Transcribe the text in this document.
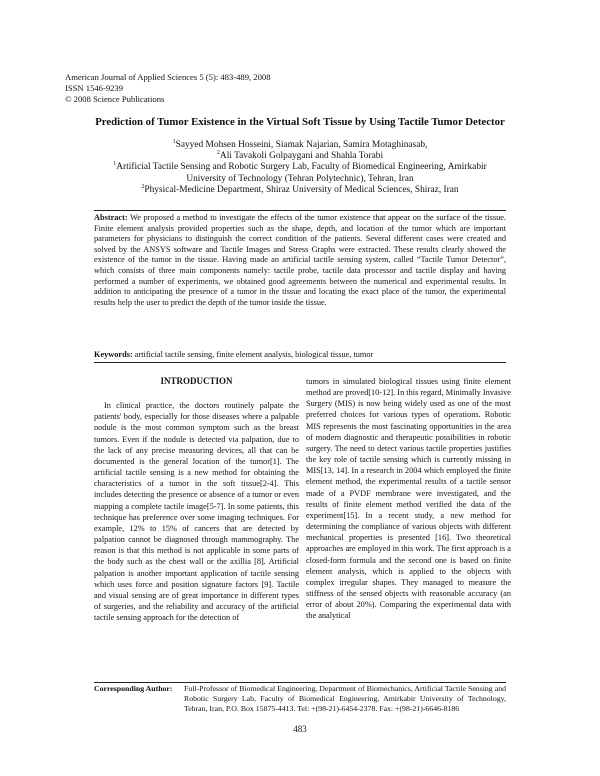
American Journal of Applied Sciences 5 (5): 483-489, 2008
ISSN 1546-9239
© 2008 Science Publications
Prediction of Tumor Existence in the Virtual Soft Tissue by Using Tactile Tumor Detector
$^1$Sayyed Mohsen Hosseini, Siamak Najarian, Samira Motaghinasab,
$^2$Ali Tavakoli Golpaygani and Shahla Torabi
$^1$Artificial Tactile Sensing and Robotic Surgery Lab, Faculty of Biomedical Engineering, Amirkabir
University of Technology (Tehran Polytechnic), Tehran, Iran
$^2$Physical-Medicine Department, Shiraz University of Medical Sciences, Shiraz, Iran
Abstract: We proposed a method to investigate the effects of the tumor existence that appear on the surface of the tissue. Finite element analysis provided properties such as the shape, depth, and location of the tumor which are important parameters for physicians to distinguish the correct condition of the patients. Several different cases were created and solved by the ANSYS software and Tactile Images and Stress Graphs were extracted. These results clearly showed the existence of the tumor in the tissue. Having made an artificial tactile sensing system, called “Tactile Tumor Detector”, which consists of three main components namely: tactile probe, tactile data processor and tactile display and having performed a number of experiments, we obtained good agreements between the numerical and experimental results. In addition to anticipating the presence of a tumor in the tissue and locating the exact place of the tumor, the experimental results help the user to predict the depth of the tumor inside the tissue.
Keywords: artificial tactile sensing, finite element analysis, biological tissue, tumor
INTRODUCTION

In clinical practice, the doctors routinely palpate the patients' body, especially for those diseases where a palpable nodule is the most common symptom such as the breast tumors. Even if the nodule is detected via palpation, due to the lack of any precise measuring devices, all that can be documented is the general location of the tumor[1]. The artificial tactile sensing is a new method for obtaining the characteristics of a tumor in the soft tissue[2-4]. This includes detecting the presence or absence of a tumor or even mapping a complete tactile image[5-7]. In some patients, this technique has preference over some imaging techniques. For example, 12% to 15% of cancers that are detected by palpation cannot be diagnosed through mammography. The reason is that this method is not applicable in some parts of the body such as the chest wall or the axillia [8]. Artificial palpation is another important application of tactile sensing which uses force and position signature factors [9]. Tactile and visual sensing are of great importance in different types of surgeries, and the reliability and accuracy of the artificial tactile sensing approach for the detection of

tumors in simulated biological tissues using finite element method are proved[10-12]. In this regard, Minimally Invasive Surgery (MIS) is now being widely used as one of the most preferred choices for various types of operations. Robotic MIS represents the most fascinating opportunities in the area of modern diagnostic and therapeutic possibilities in robotic surgery. The need to detect various tactile properties justifies the key role of tactile sensing which is currently missing in MIS[13, 14]. In a research in 2004 which employed the finite element method, the experimental results of a tactile sensor made of a PVDF membrane were investigated, and the results of finite element method verified the data of the experiment[15]. In a recent study, a new method for determining the compliance of various objects with different mechanical properties is presented [16]. Two theoretical approaches are employed in this work. The first approach is a closed-form formula and the second one is based on finite element analysis, which is applied to the objects with complex irregular shapes. They managed to measure the stiffness of the sensed objects with reasonable accuracy (an error of about 20%). Comparing the experimental data with the analytical

Corresponding Author:	Full-Professor of Biomedical Engineering, Department of Biomechanics, Artificial Tactile Sensing and Robotic Surgery Lab, Faculty of Biomedical Engineering, Amirkabir University of Technology, Tehran, Iran, P.O. Box 15875-4413. Tel: +(98-21)-6454-2378. Fax: +(98-21)-6646-8186
483
